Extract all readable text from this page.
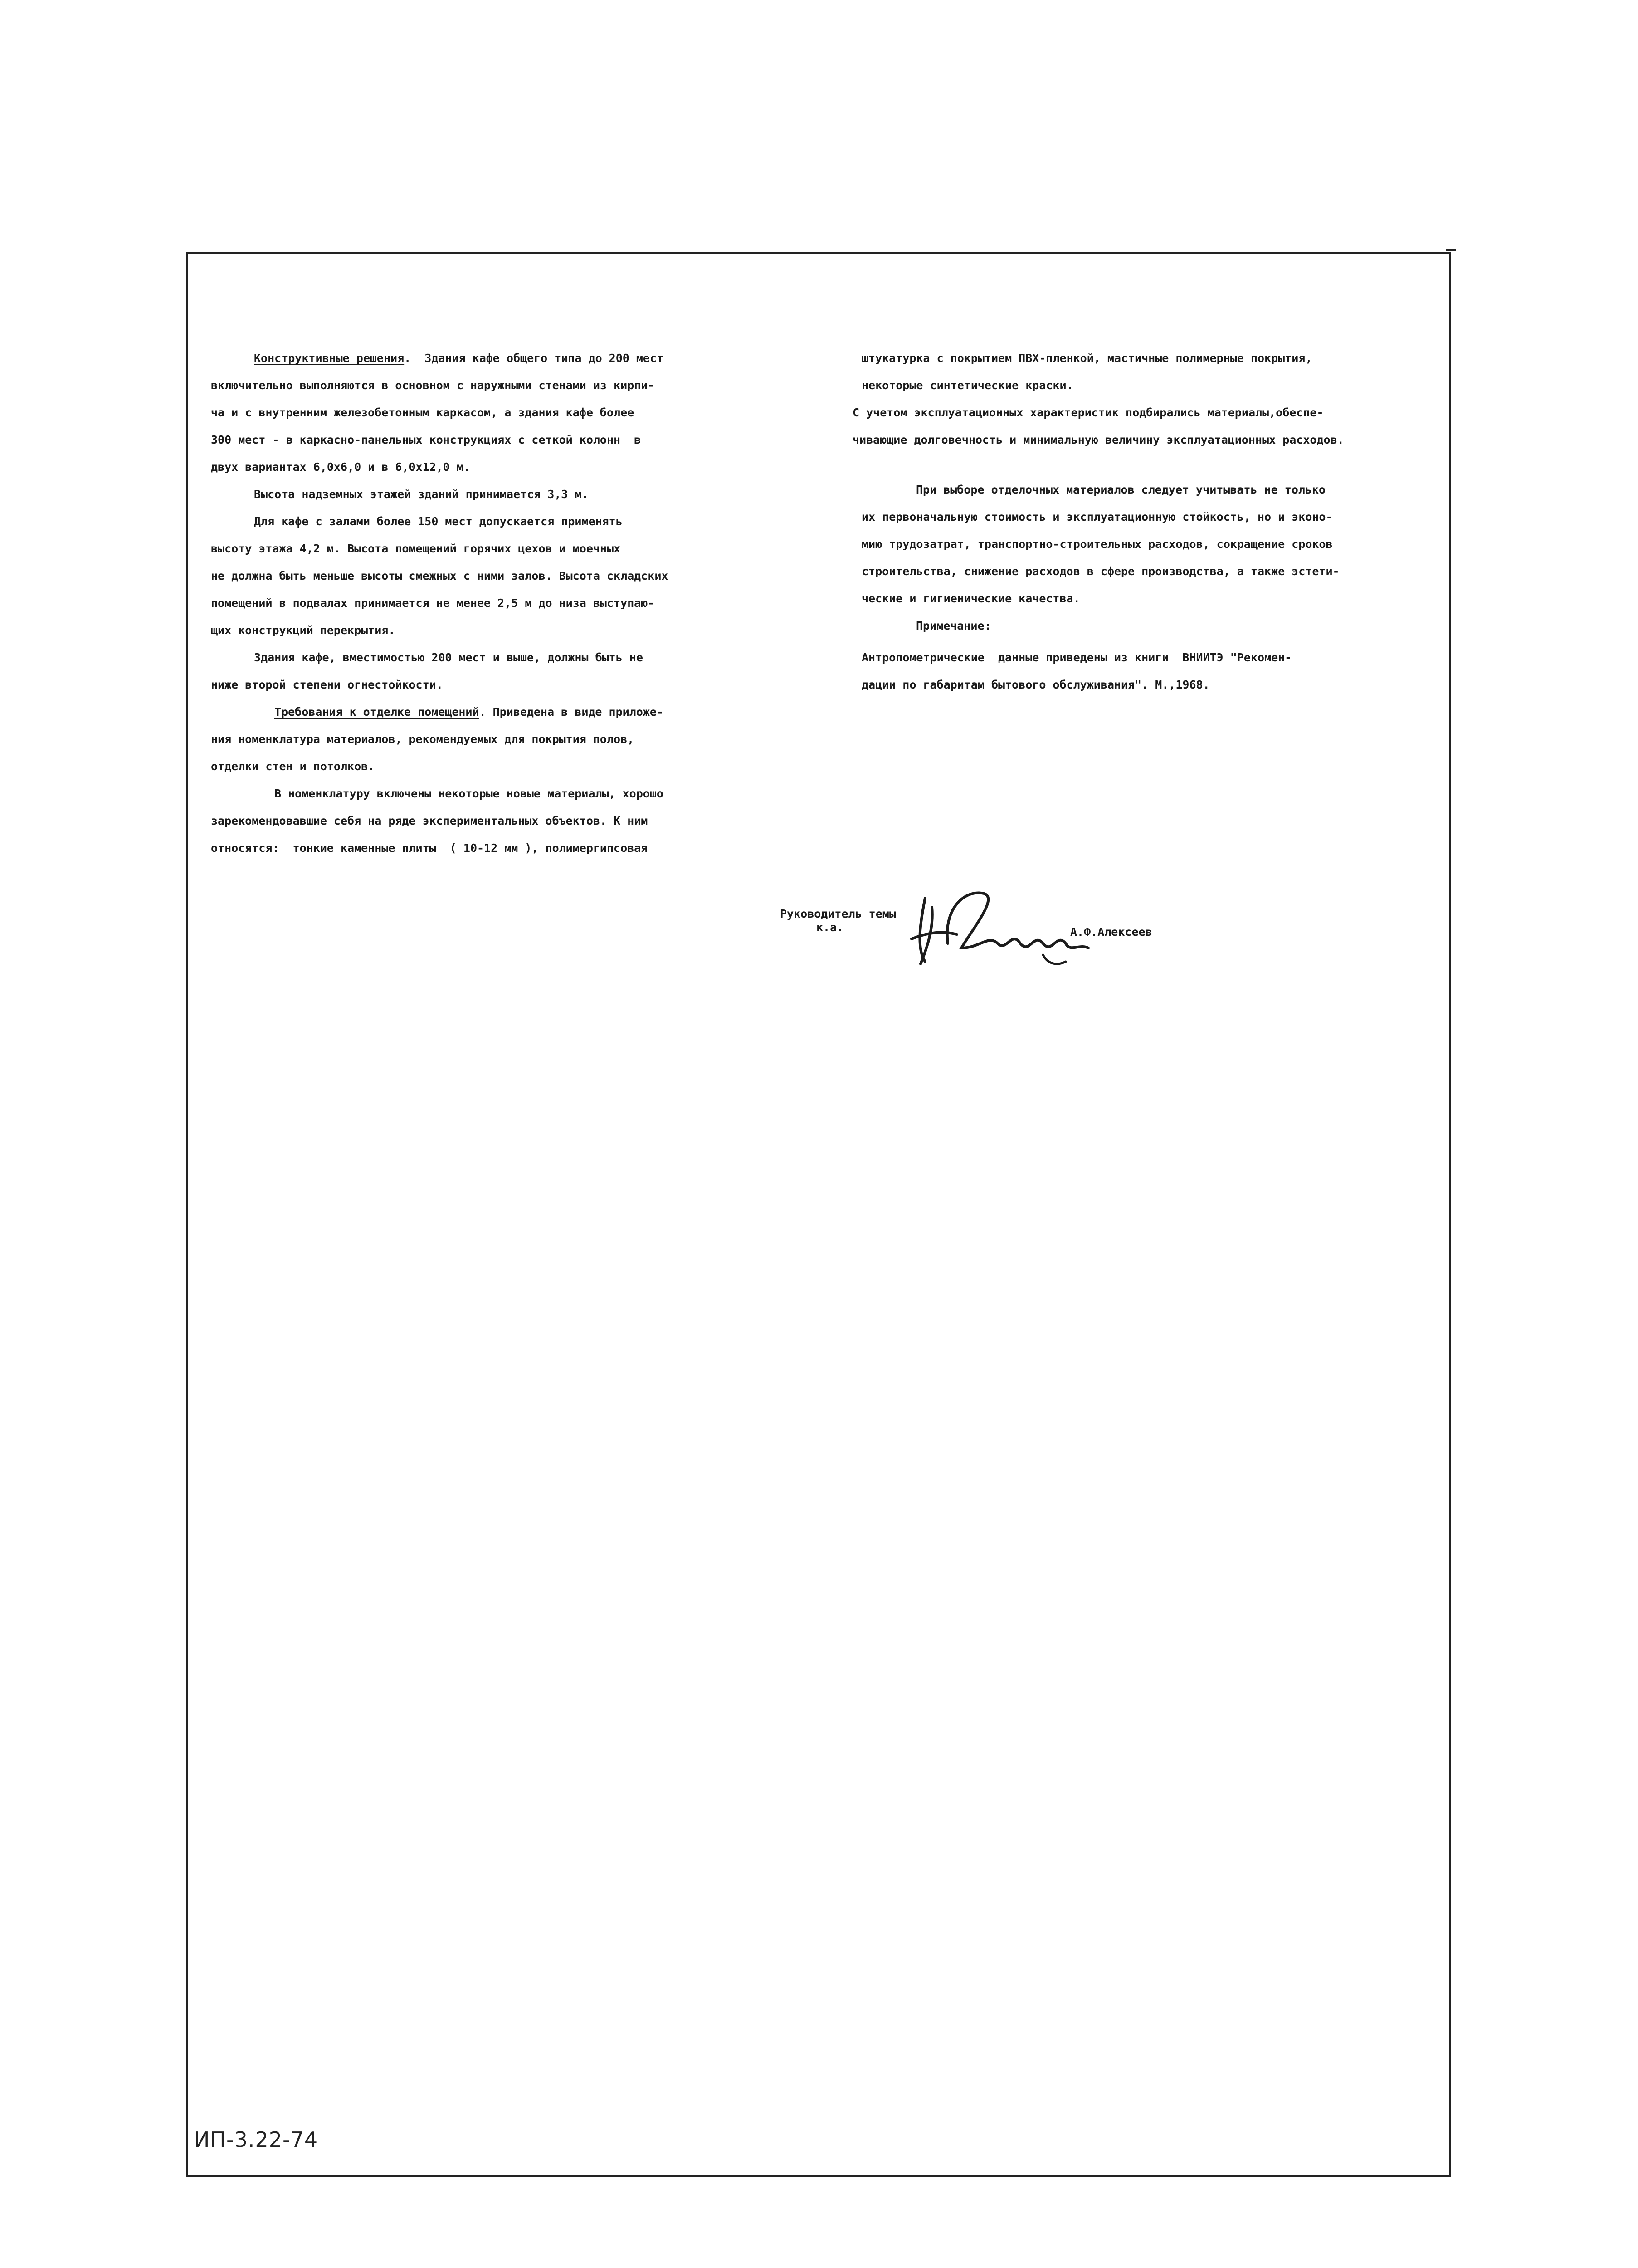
Конструктивные решения.  Здания кафе общего типа до 200 мест

включительно выполняются в основном с наружными стенами из кирпи-

ча и с внутренним железобетонным каркасом, а здания кафе более

300 мест - в каркасно-панельных конструкциях с сеткой колонн  в

двух вариантах 6,0х6,0 и в 6,0х12,0 м.

Высота надземных этажей зданий принимается 3,3 м.

Для кафе с залами более 150 мест допускается применять

высоту этажа 4,2 м. Высота помещений горячих цехов и моечных

не должна быть меньше высоты смежных с ними залов. Высота складских

помещений в подвалах принимается не менее 2,5 м до низа выступаю-

щих конструкций перекрытия.

Здания кафе, вместимостью 200 мест и выше, должны быть не

ниже второй степени огнестойкости.

Требования к отделке помещений. Приведена в виде приложе-

ния номенклатура материалов, рекомендуемых для покрытия полов,

отделки стен и потолков.

В номенклатуру включены некоторые новые материалы, хорошо

зарекомендовавшие себя на ряде экспериментальных объектов. К ним

относятся:  тонкие каменные плиты  ( 10-12 мм ), полимергипсовая

штукатурка с покрытием ПВХ-пленкой, мастичные полимерные покрытия,

некоторые синтетические краски.

С учетом эксплуатационных характеристик подбирались материалы,обеспе-

чивающие долговечность и минимальную величину эксплуатационных расходов.

При выборе отделочных материалов следует учитывать не только

их первоначальную стоимость и эксплуатационную стойкость, но и эконо-

мию трудозатрат, транспортно-строительных расходов, сокращение сроков

строительства, снижение расходов в сфере производства, а также эстети-

ческие и гигиенические качества.

Примечание:

Антропометрические  данные приведены из книги  ВНИИТЭ "Рекомен-

дации по габаритам бытового обслуживания". М.,1968.

Руководитель темы
к.а.	А.Ф.Алексеев
ИП-3.22-74
